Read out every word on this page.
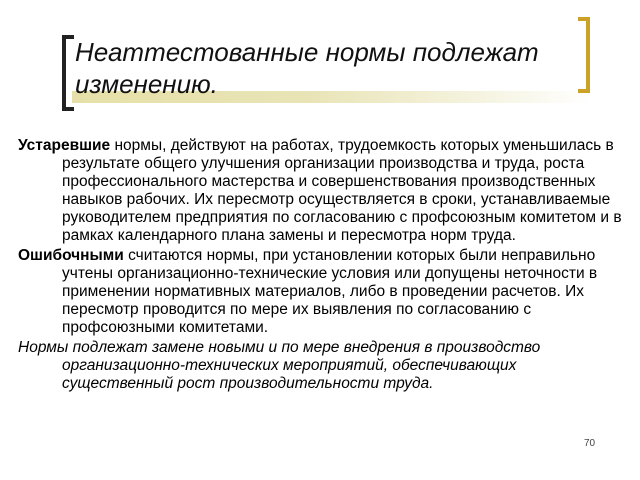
Неаттестованные нормы подлежат изменению.

Устаревшие нормы, действуют на работах, трудоемкость которых уменьшилась в результате общего улучшения организации производства и труда, роста профессионального мастерства и совершенствования производственных навыков рабочих. Их пересмотр осуществляется в сроки, устанавливаемые руководителем предприятия по согласованию с профсоюзным комитетом и в рамках календарного плана замены и пересмотра норм труда.

Ошибочными считаются нормы, при установлении которых были неправильно учтены организационно-технические условия или допущены неточности в применении нормативных материалов, либо в проведении расчетов. Их пересмотр проводится по мере их выявления по согласованию с профсоюзными комитетами.

Нормы подлежат замене новыми и по мере внедрения в производство организационно-технических мероприятий, обеспечивающих существенный рост производительности труда.

70
